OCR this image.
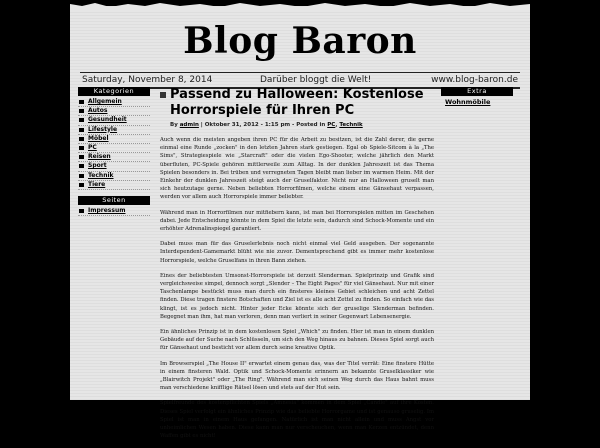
Blog Baron
Saturday, November 8, 2014	Darüber bloggt die Welt!	www.blog-baron.de
Kategorien
Allgemein
Autos
Gesundheit
Lifestyle
Möbel
PC
Reisen
Sport
Technik
Tiere
Seiten
Impressum
Passend zu Halloween: Kostenlose Horrorspiele für Ihren PC
By admin | Oktober 31, 2012 - 1:15 pm - Posted in PC, Technik

Auch wenn die meisten angeben ihren PC für die Arbeit zu besitzen, ist die Zahl derer, die gerne einmal eine Runde „zocken" in den letzten Jahren stark gestiegen. Egal ob Spiele-Sitcom à la „The Sims", Strategiespiele wie „Starcraft" oder die vielen Ego-Shooter, welche jährlich den Markt überfluten, PC-Spiele gehören mittlerweile zum Alltag. In der dunklen Jahreszeit ist das Thema Spielen besonders in. Bei trüben und verregneten Tagen bleibt man lieber im warmen Heim. Mit der Einkehr der dunklen Jahreszeit steigt auch der Gruselfaktor. Nicht nur an Halloween gruselt man sich heutzutage gerne. Neben beliebten Horrorfilmen, welche einem eine Gänsehaut verpassen, werden vor allem auch Horrorspiele immer beliebter.

Während man in Horrorfilmen nur mitfiebern kann, ist man bei Horrorspielen mitten im Geschehen dabei. Jede Entscheidung könnte in dem Spiel die letzte sein, dadurch sind Schock-Momente und ein erhöhter Adrenalinspiegel garantiert.

Dabei muss man für das Gruselerlebnis noch nicht einmal viel Geld ausgeben. Der sogenannte Interdependent-Gamemarkt blüht wie nie zuvor. Dementsprechend gibt es immer mehr kostenlose Horrorspiele, welche Gruselfans in ihren Bann ziehen.

Eines der beliebtesten Umsonst-Horrorspiele ist derzeit Slenderman. Spielprinzip und Grafik sind vergleichsweise simpel, dennoch sorgt „Slender – The Eight Pages" für viel Gänsehaut. Nur mit einer Taschenlampe bestückt muss man durch ein finsteres kleines Gebiet schleichen und acht Zettel finden. Diese tragen finstere Botschaften und Ziel ist es alle acht Zettel zu finden. So einfach wie das klingt, ist es jedoch nicht. Hinter jeder Ecke könnte sich der gruselige Slenderman befinden. Begegnet man ihm, hat man verloren, denn man verliert in seiner Gegenwart Lebensenergie.

Ein ähnliches Prinzip ist in dem kostenlosen Spiel „Which" zu finden. Hier ist man in einem dunklen Gebäude auf der Suche nach Schlüsseln, um sich den Weg hinaus zu bahnen. Dieses Spiel sorgt auch für Gänsehaut und besticht vor allem durch seine kreative Optik.

Im Browserspiel „The House II" erwartet einem genau das, was der Titel verrät: Eine finstere Hütte in einem finsteren Wald. Optik und Schock-Momente erinnern an bekannte Gruselklassiker wie „Blairwitch Projekt" oder „The Ring". Während man sich seinen Weg durch das Haus bahnt muss man verschiedene knifflige Rätsel lösen und stets auf der Hut sein.

Spielfreunde des kostenpflichten Spiels „Amnesia" kommen in dem Spiel „Candle" auf ihre Kosten. Dieses Spiel verfolgt ein ähnliches Prinzip wie das beliebte Horrorgame und ist genauso gruselig. Im Spiel ist man in einem Haus gefangen. Natürlich ist man nicht allein und muss Angst vor unheimlichen Wesen haben. Diese kann man nur verscheuchen, wenn man Kerzen entzündet, denn Waffen gibt es nicht!

Extra
Wohnmöbile
